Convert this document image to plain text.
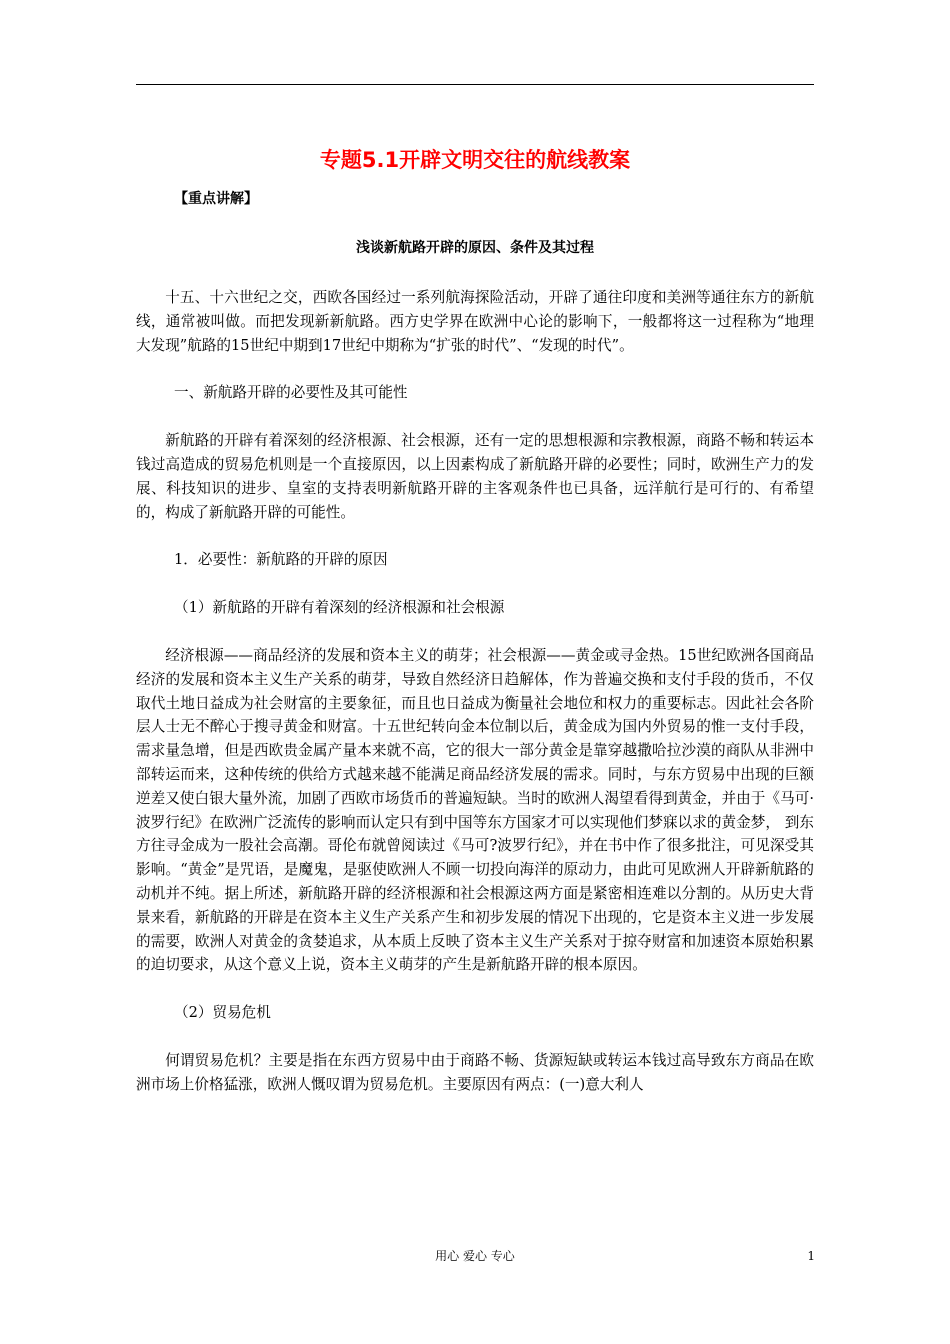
专题5.1开辟文明交往的航线教案
【重点讲解】
浅谈新航路开辟的原因、条件及其过程

十五、十六世纪之交，西欧各国经过一系列航海探险活动，开辟了通往印度和美洲等通往东方的新航线，通常被叫做。而把发现新新航路。西方史学界在欧洲中心论的影响下，一般都将这一过程称为“地理大发现”航路的15世纪中期到17世纪中期称为“扩张的时代”、“发现的时代”。

一、新航路开辟的必要性及其可能性

新航路的开辟有着深刻的经济根源、社会根源，还有一定的思想根源和宗教根源，商路不畅和转运本钱过高造成的贸易危机则是一个直接原因，以上因素构成了新航路开辟的必要性；同时，欧洲生产力的发展、科技知识的进步、皇室的支持表明新航路开辟的主客观条件也已具备，远洋航行是可行的、有希望的，构成了新航路开辟的可能性。

1．必要性：新航路的开辟的原因

（1）新航路的开辟有着深刻的经济根源和社会根源

经济根源——商品经济的发展和资本主义的萌芽；社会根源——黄金或寻金热。15世纪欧洲各国商品经济的发展和资本主义生产关系的萌芽，导致自然经济日趋解体，作为普遍交换和支付手段的货币，不仅取代土地日益成为社会财富的主要象征，而且也日益成为衡量社会地位和权力的重要标志。因此社会各阶层人士无不醉心于搜寻黄金和财富。十五世纪转向金本位制以后，黄金成为国内外贸易的惟一支付手段，需求量急增，但是西欧贵金属产量本来就不高，它的很大一部分黄金是靠穿越撒哈拉沙漠的商队从非洲中部转运而来，这种传统的供给方式越来越不能满足商品经济发展的需求。同时，与东方贸易中出现的巨额逆差又使白银大量外流，加剧了西欧市场货币的普遍短缺。当时的欧洲人渴望看得到黄金，并由于《马可·波罗行纪》在欧洲广泛流传的影响而认定只有到中国等东方国家才可以实现他们梦寐以求的黄金梦， 到东方往寻金成为一股社会高潮。哥伦布就曾阅读过《马可?波罗行纪》，并在书中作了很多批注，可见深受其影响。“黄金”是咒语，是魔鬼，是驱使欧洲人不顾一切投向海洋的原动力，由此可见欧洲人开辟新航路的动机并不纯。据上所述，新航路开辟的经济根源和社会根源这两方面是紧密相连难以分割的。从历史大背景来看，新航路的开辟是在资本主义生产关系产生和初步发展的情况下出现的，它是资本主义进一步发展的需要，欧洲人对黄金的贪婪追求，从本质上反映了资本主义生产关系对于掠夺财富和加速资本原始积累的迫切要求，从这个意义上说，资本主义萌芽的产生是新航路开辟的根本原因。

（2）贸易危机

何谓贸易危机？主要是指在东西方贸易中由于商路不畅、货源短缺或转运本钱过高导致东方商品在欧洲市场上价格猛涨，欧洲人慨叹谓为贸易危机。主要原因有两点：(一)意大利人

用心 爱心 专心	1
